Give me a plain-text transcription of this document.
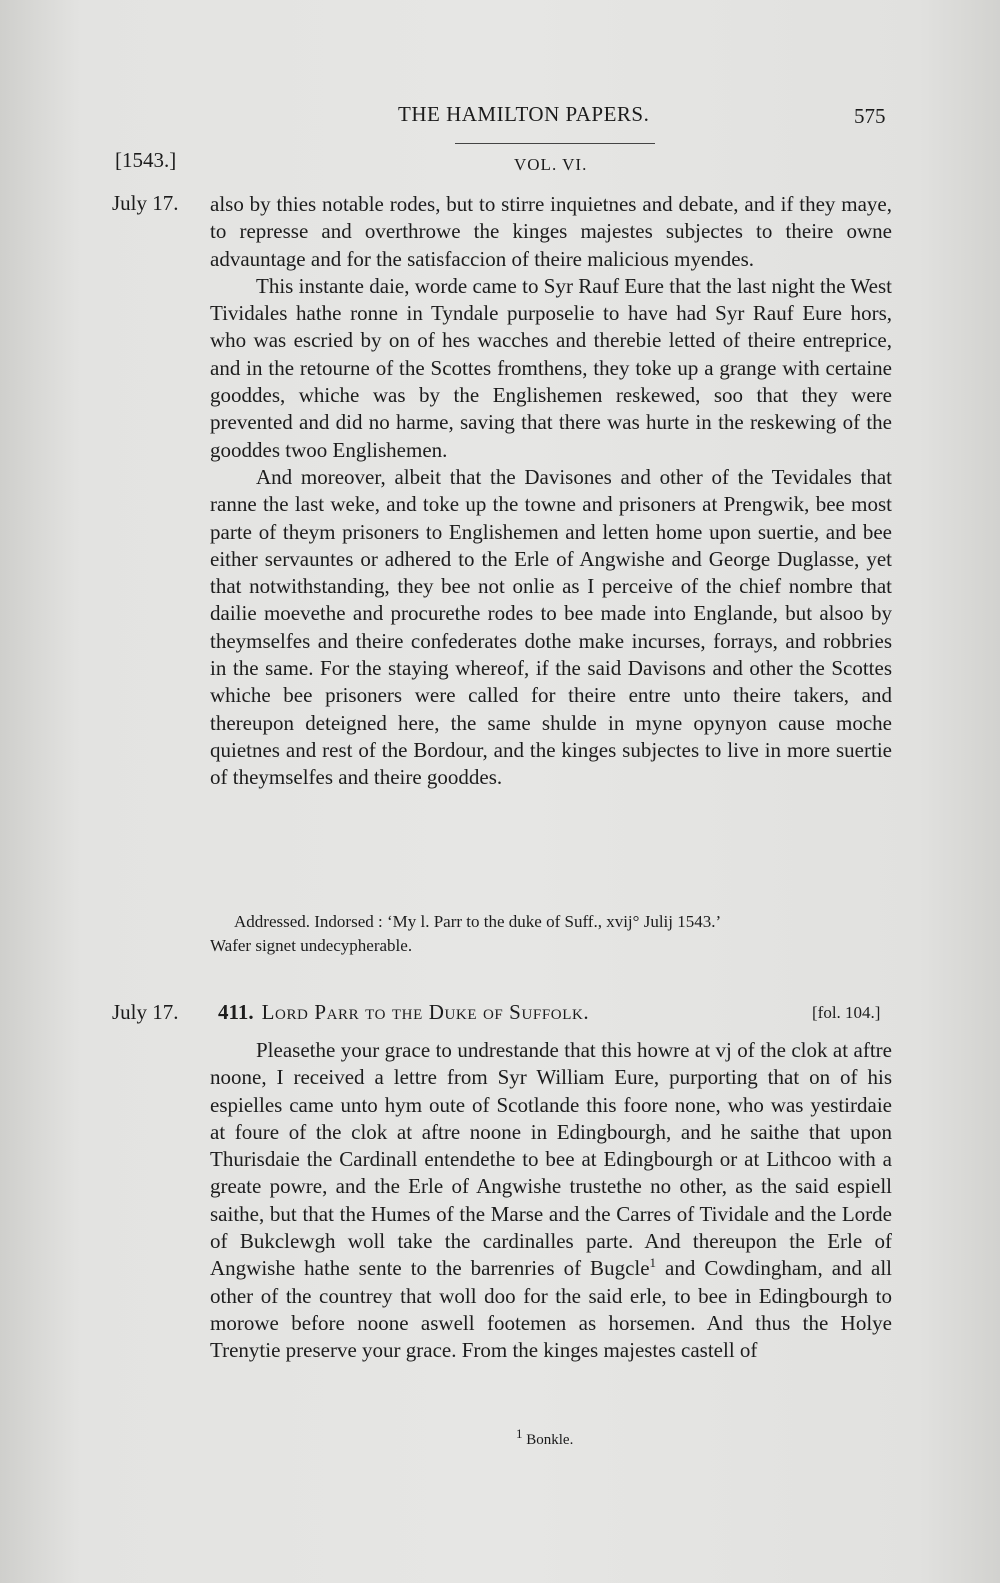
THE HAMILTON PAPERS.	575
[1543.]	VOL. VI.
July 17. also by thies notable rodes, but to stirre inquietnes and debate, and if they maye, to represse and overthrowe the kinges majestes subjectes to theire owne advauntage and for the satisfaccion of theire malicious myendes.

This instante daie, worde came to Syr Rauf Eure that the last night the West Tividales hathe ronne in Tyndale purposelie to have had Syr Rauf Eure hors, who was escried by on of hes wacches and therebie letted of theire entreprice, and in the retourne of the Scottes fromthens, they toke up a grange with certaine gooddes, whiche was by the Englishemen reskewed, soo that they were prevented and did no harme, saving that there was hurte in the reskewing of the gooddes twoo Englishemen.

And moreover, albeit that the Davisones and other of the Tevidales that ranne the last weke, and toke up the towne and prisoners at Prengwik, bee most parte of theym prisoners to Englishemen and letten home upon suertie, and bee either servauntes or adhered to the Erle of Angwishe and George Duglasse, yet that notwithstanding, they bee not onlie as I perceive of the chief nombre that dailie moevethe and procurethe rodes to bee made into Englande, but alsoo by theymselfes and theire confederates dothe make incurses, forrays, and robbries in the same. For the staying whereof, if the said Davisons and other the Scottes whiche bee prisoners were called for theire entre unto theire takers, and thereupon deteigned here, the same shulde in myne opynyon cause moche quietnes and rest of the Bordour, and the kinges subjectes to live in more suertie of theymselfes and theire gooddes.

Addressed. Indorsed : ‘My l. Parr to the duke of Suff., xvij° Julij 1543.’

Wafer signet undecypherable.
July 17. 411. Lord Parr to the Duke of Suffolk.	[fol. 104.]

Pleasethe your grace to undrestande that this howre at vj of the clok at aftre noone, I received a lettre from Syr William Eure, purporting that on of his espielles came unto hym oute of Scotlande this foore none, who was yestirdaie at foure of the clok at aftre noone in Edingbourgh, and he saithe that upon Thurisdaie the Cardinall entendethe to bee at Edingbourgh or at Lithcoo with a greate powre, and the Erle of Angwishe trustethe no other, as the said espiell saithe, but that the Humes of the Marse and the Carres of Tividale and the Lorde of Bukclewgh woll take the cardinalles parte. And thereupon the Erle of Angwishe hathe sente to the barrenries of Bugcle$^1$ and Cowdingham, and all other of the countrey that woll doo for the said erle, to bee in Edingbourgh to morowe before noone aswell footemen as horsemen. And thus the Holye Trenytie preserve your grace. From the kinges majestes castell of

$^1$ Bonkle.
